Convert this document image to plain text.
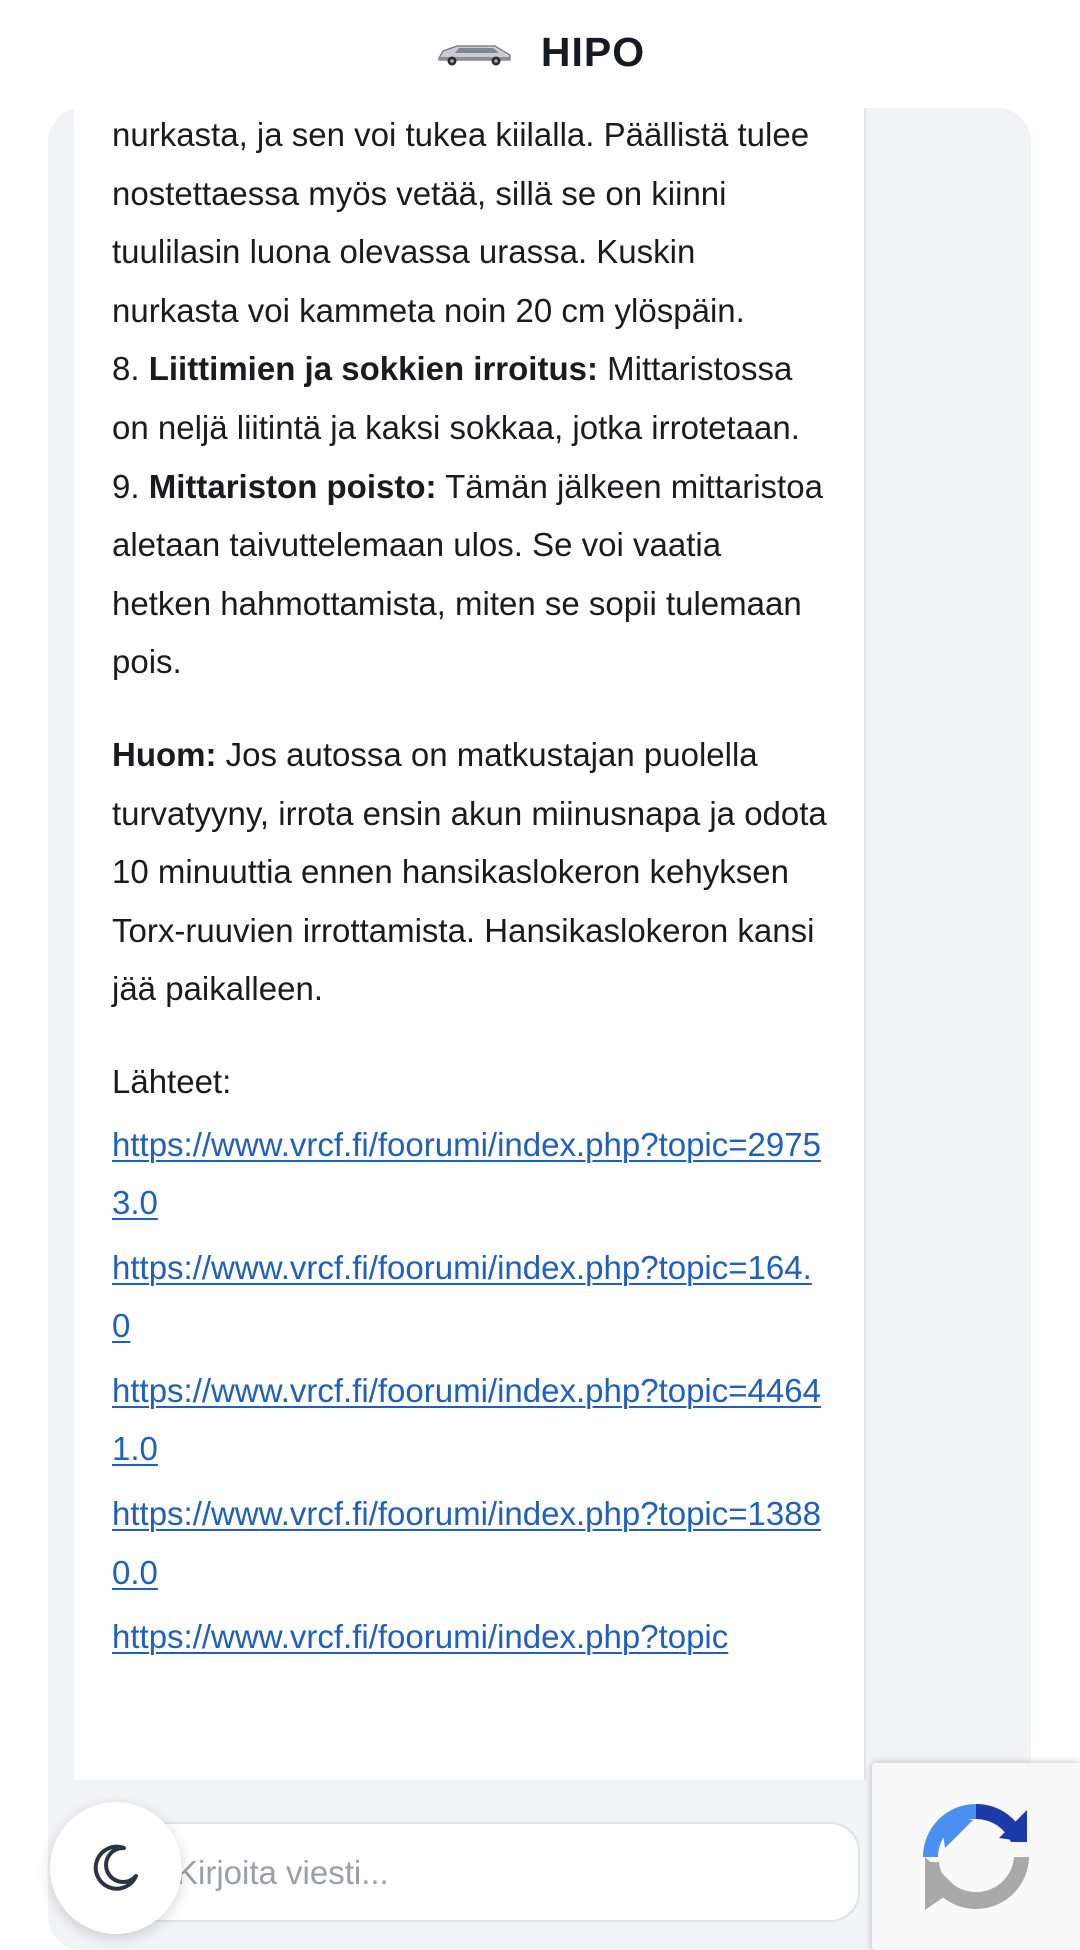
HIPO

nurkasta, ja sen voi tukea kiilalla. Päällistä tulee nostettaessa myös vetää, sillä se on kiinni tuulilasin luona olevassa urassa. Kuskin nurkasta voi kammeta noin 20 cm ylöspäin.

8. Liittimien ja sokkien irroitus: Mittaristossa on neljä liitintä ja kaksi sokkaa, jotka irrotetaan.

9. Mittariston poisto: Tämän jälkeen mittaristoa aletaan taivuttelemaan ulos. Se voi vaatia hetken hahmottamista, miten se sopii tulemaan pois.

Huom: Jos autossa on matkustajan puolella turvatyyny, irrota ensin akun miinusnapa ja odota 10 minuuttia ennen hansikaslokeron kehyksen Torx-ruuvien irrottamista. Hansikaslokeron kansi jää paikalleen.

Lähteet:

https://www.vrcf.fi/foorumi/index.php?topic=29753.0
https://www.vrcf.fi/foorumi/index.php?topic=164.0
https://www.vrcf.fi/foorumi/index.php?topic=44641.0
https://www.vrcf.fi/foorumi/index.php?topic=13880.0
https://www.vrcf.fi/foorumi/index.php?topic
Kirjoita viesti...
